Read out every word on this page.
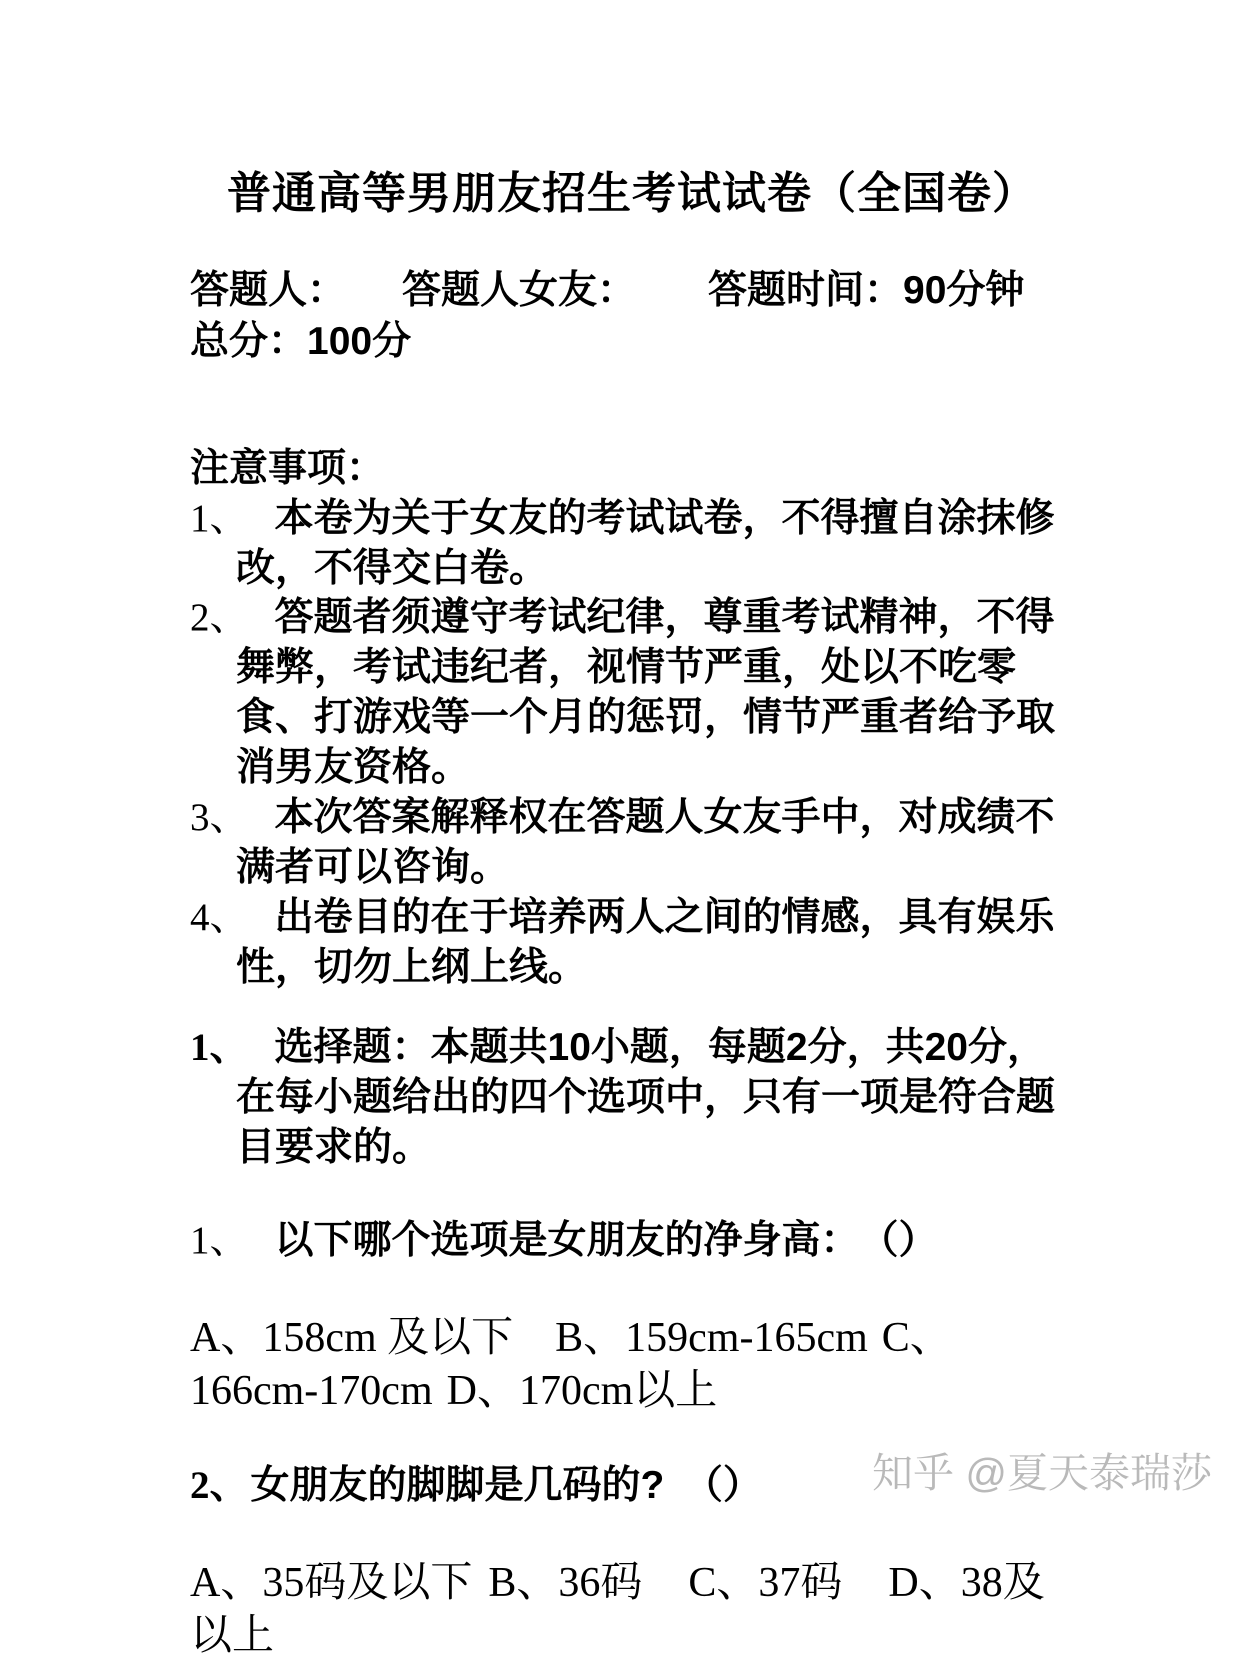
普通高等男朋友招生考试试卷（全国卷）

答题人： 答题人女友： 答题时间：90分钟总分：100分

注意事项：

1、 本卷为关于女友的考试试卷，不得擅自涂抹修改，不得交白卷。

2、 答题者须遵守考试纪律，尊重考试精神，不得舞弊，考试违纪者，视情节严重，处以不吃零食、打游戏等一个月的惩罚，情节严重者给予取消男友资格。

3、 本次答案解释权在答题人女友手中，对成绩不满者可以咨询。

4、 出卷目的在于培养两人之间的情感，具有娱乐性，切勿上纲上线。

1、 选择题：本题共10小题，每题2分，共20分，在每小题给出的四个选项中，只有一项是符合题目要求的。

1、 以下哪个选项是女朋友的净身高：　（）

A、158cm 及以下 B、159cm-165cm C、166cm-170cm D、170cm以上

2、女朋友的脚脚是几码的?　（）

A、35码及以下 B、36码 C、37码 D、38及以上

知乎 @夏天泰瑞莎
